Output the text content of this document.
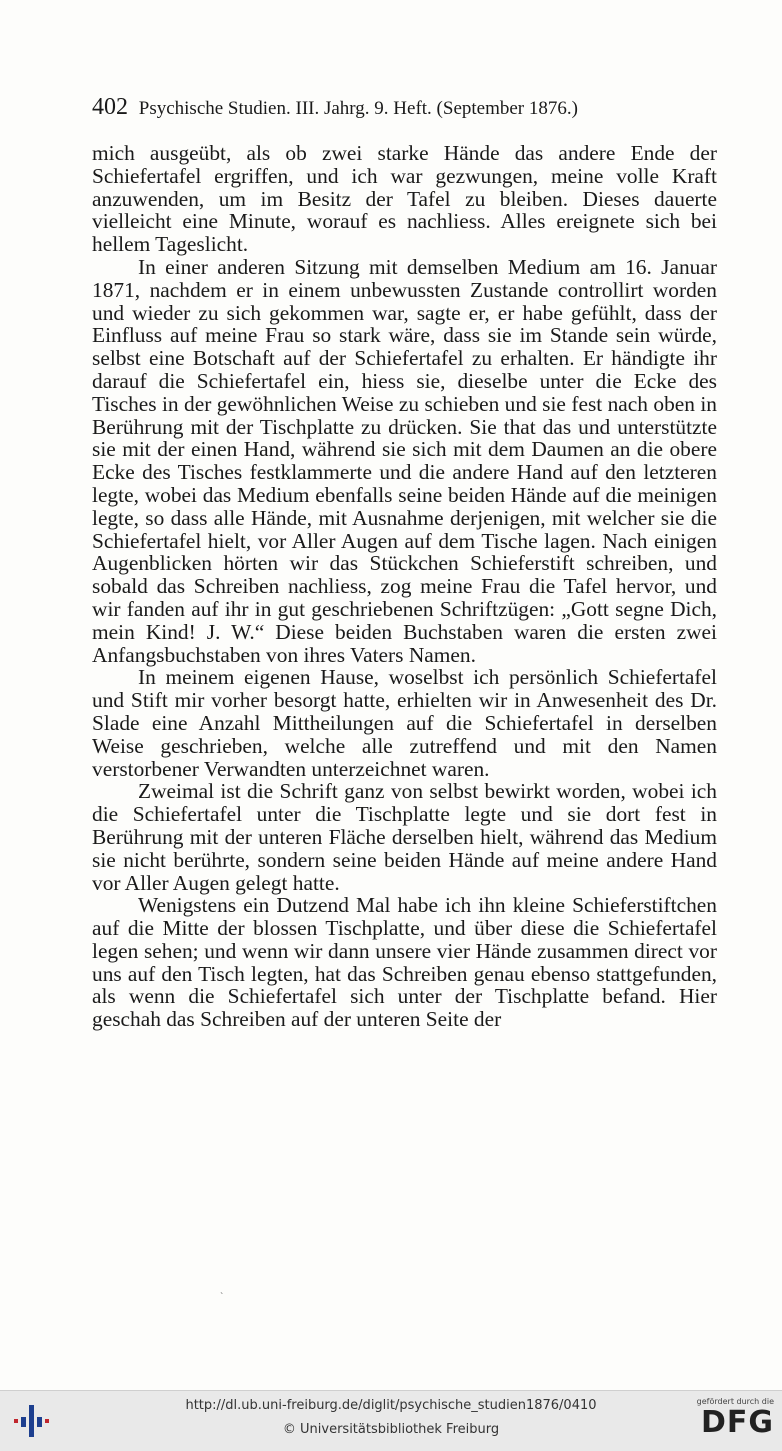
402 Psychische Studien. III. Jahrg. 9. Heft. (September 1876.)

mich ausgeübt, als ob zwei starke Hände das andere Ende der Schiefertafel ergriffen, und ich war gezwungen, meine volle Kraft anzuwenden, um im Besitz der Tafel zu bleiben. Dieses dauerte vielleicht eine Minute, worauf es nachliess. Alles ereignete sich bei hellem Tageslicht.

In einer anderen Sitzung mit demselben Medium am 16. Januar 1871, nachdem er in einem unbewussten Zustande controllirt worden und wieder zu sich gekommen war, sagte er, er habe gefühlt, dass der Einfluss auf meine Frau so stark wäre, dass sie im Stande sein würde, selbst eine Botschaft auf der Schiefertafel zu erhalten. Er händigte ihr darauf die Schiefertafel ein, hiess sie, dieselbe unter die Ecke des Tisches in der gewöhnlichen Weise zu schieben und sie fest nach oben in Berührung mit der Tischplatte zu drücken. Sie that das und unterstützte sie mit der einen Hand, während sie sich mit dem Daumen an die obere Ecke des Tisches festklammerte und die andere Hand auf den letzteren legte, wobei das Medium ebenfalls seine beiden Hände auf die meinigen legte, so dass alle Hände, mit Ausnahme derjenigen, mit welcher sie die Schiefertafel hielt, vor Aller Augen auf dem Tische lagen. Nach einigen Augenblicken hörten wir das Stückchen Schieferstift schreiben, und sobald das Schreiben nachliess, zog meine Frau die Tafel hervor, und wir fanden auf ihr in gut geschriebenen Schriftzügen: „Gott segne Dich, mein Kind! J. W.“ Diese beiden Buchstaben waren die ersten zwei Anfangsbuchstaben von ihres Vaters Namen.

In meinem eigenen Hause, woselbst ich persönlich Schiefertafel und Stift mir vorher besorgt hatte, erhielten wir in Anwesenheit des Dr. Slade eine Anzahl Mittheilungen auf die Schiefertafel in derselben Weise geschrieben, welche alle zutreffend und mit den Namen verstorbener Verwandten unterzeichnet waren.

Zweimal ist die Schrift ganz von selbst bewirkt worden, wobei ich die Schiefertafel unter die Tischplatte legte und sie dort fest in Berührung mit der unteren Fläche derselben hielt, während das Medium sie nicht berührte, sondern seine beiden Hände auf meine andere Hand vor Aller Augen gelegt hatte.

Wenigstens ein Dutzend Mal habe ich ihn kleine Schieferstiftchen auf die Mitte der blossen Tischplatte, und über diese die Schiefertafel legen sehen; und wenn wir dann unsere vier Hände zusammen direct vor uns auf den Tisch legten, hat das Schreiben genau ebenso stattgefunden, als wenn die Schiefertafel sich unter der Tischplatte befand. Hier geschah das Schreiben auf der unteren Seite der

ˋ
http://dl.ub.uni-freiburg.de/diglit/psychische_studien1876/0410
© Universitätsbibliothek Freiburg
gefördert durch die
DFG
